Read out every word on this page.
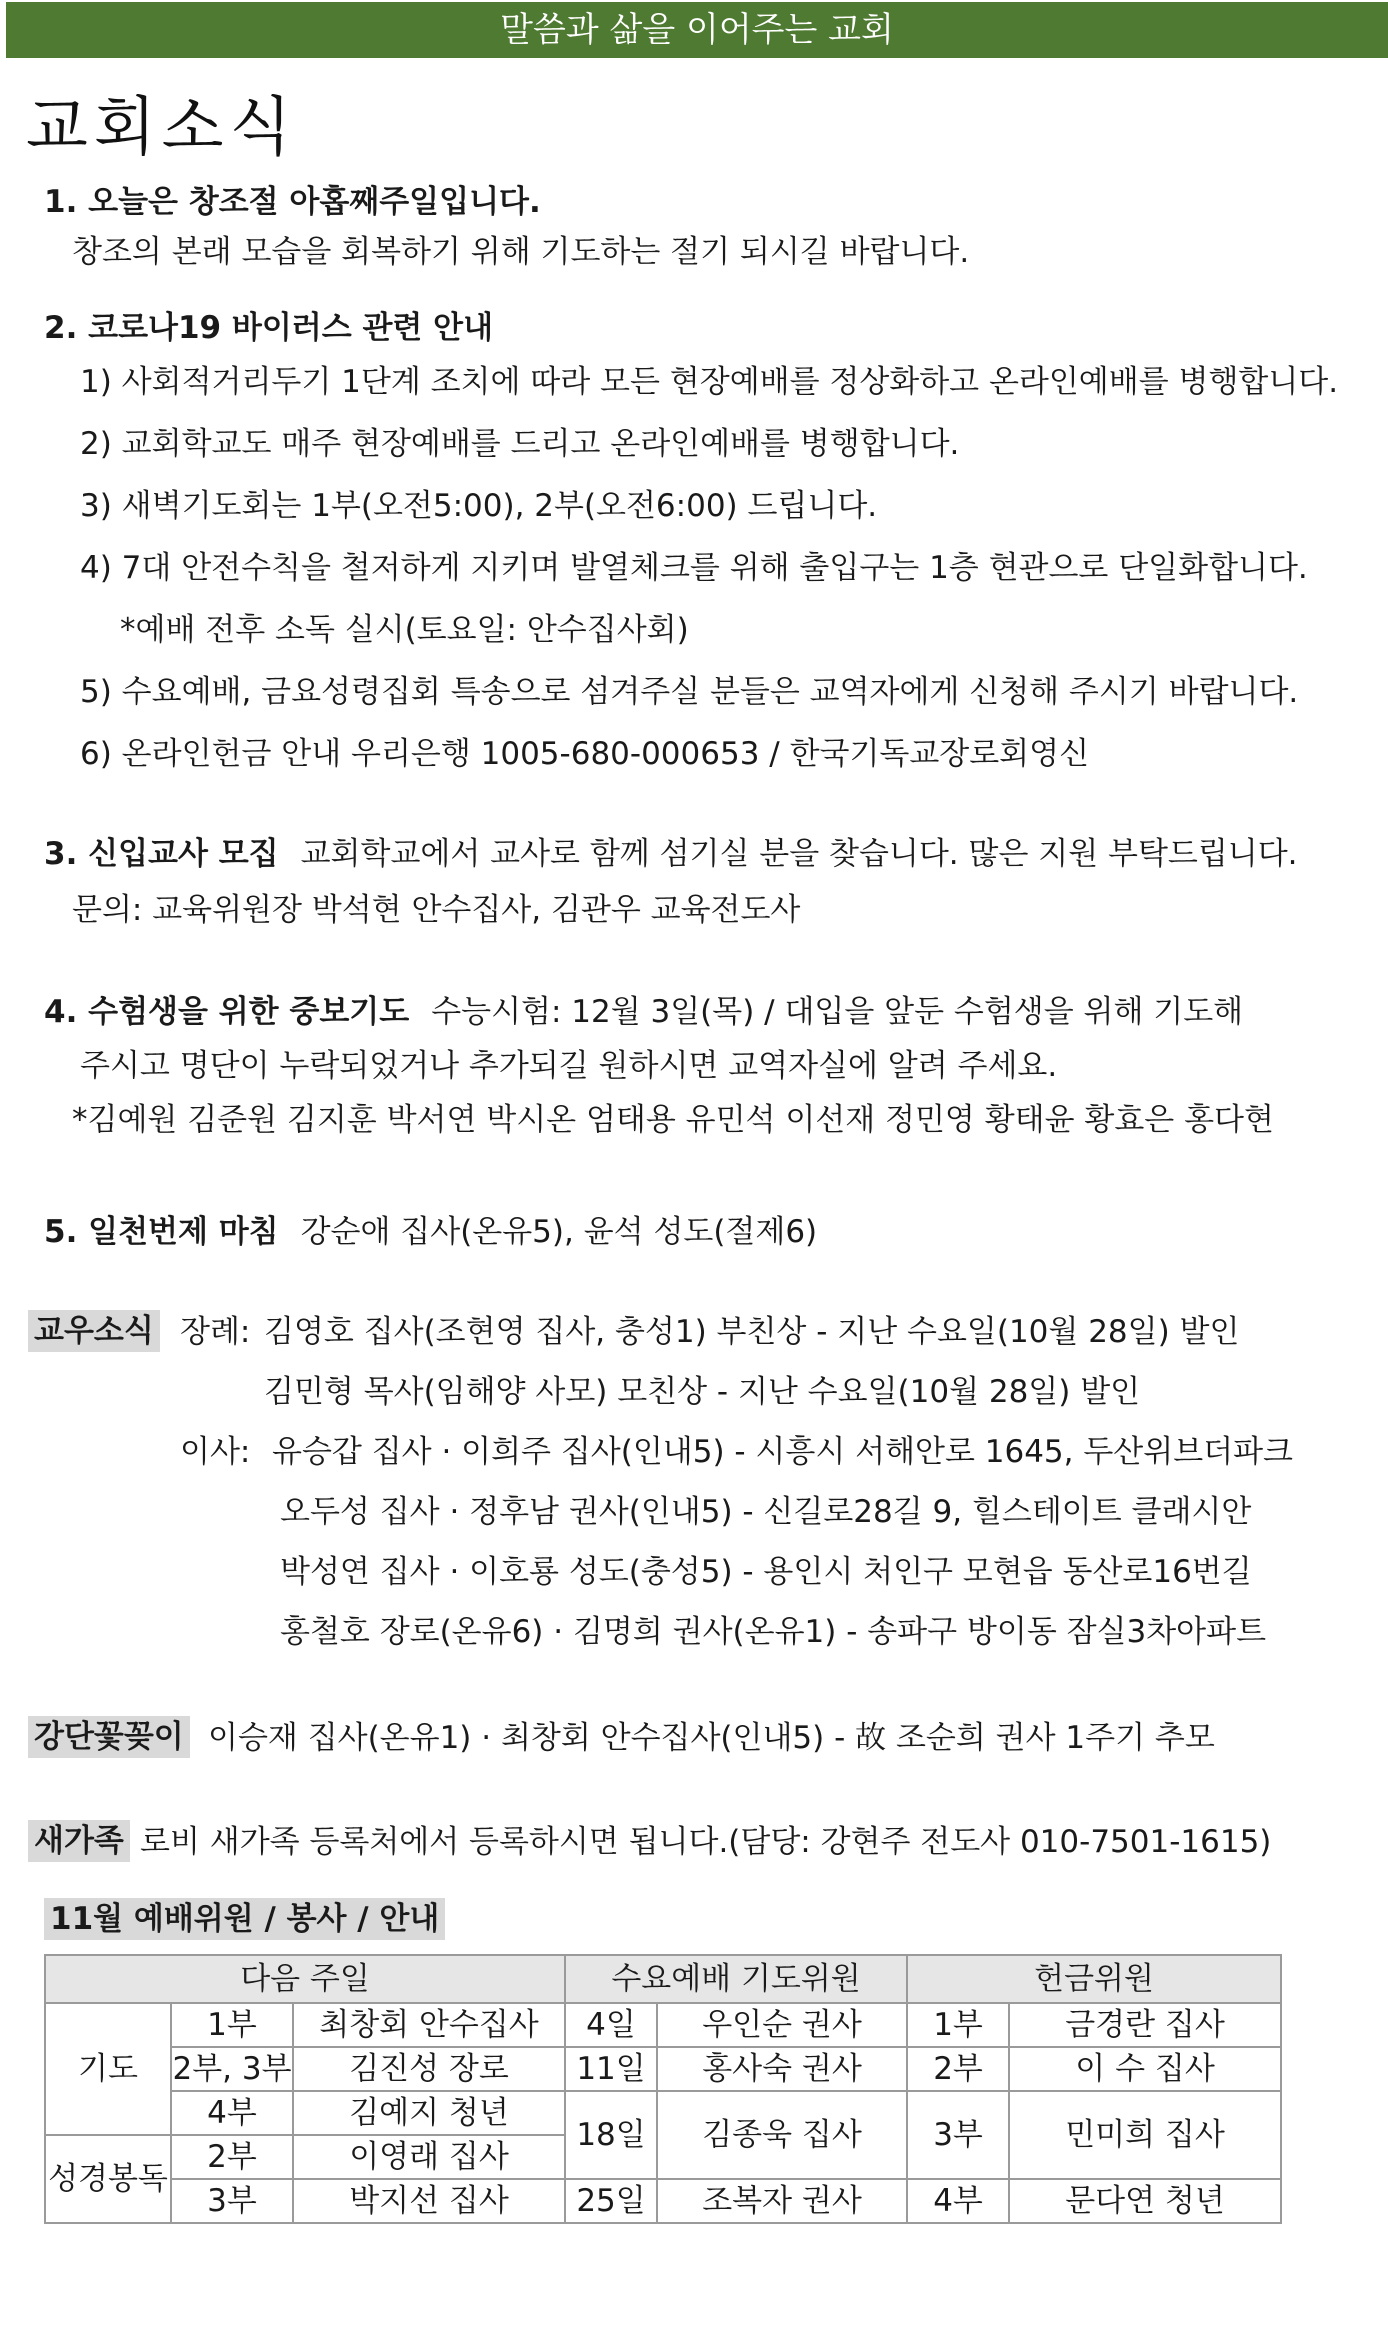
말씀과 삶을 이어주는 교회
교회소식
1. 오늘은 창조절 아홉째주일입니다.
창조의 본래 모습을 회복하기 위해 기도하는 절기 되시길 바랍니다.
2. 코로나19 바이러스 관련 안내
1) 사회적거리두기 1단계 조치에 따라 모든 현장예배를 정상화하고 온라인예배를 병행합니다.
2) 교회학교도 매주 현장예배를 드리고 온라인예배를 병행합니다.
3) 새벽기도회는 1부(오전5:00), 2부(오전6:00) 드립니다.
4) 7대 안전수칙을 철저하게 지키며 발열체크를 위해 출입구는 1층 현관으로 단일화합니다.
*예배 전후 소독 실시(토요일: 안수집사회)
5) 수요예배, 금요성령집회 특송으로 섬겨주실 분들은 교역자에게 신청해 주시기 바랍니다.
6) 온라인헌금 안내 우리은행 1005-680-000653 / 한국기독교장로회영신
3. 신입교사 모집 교회학교에서 교사로 함께 섬기실 분을 찾습니다. 많은 지원 부탁드립니다.
문의: 교육위원장 박석현 안수집사, 김관우 교육전도사
4. 수험생을 위한 중보기도 수능시험: 12월 3일(목) / 대입을 앞둔 수험생을 위해 기도해
주시고 명단이 누락되었거나 추가되길 원하시면 교역자실에 알려 주세요.
*김예원 김준원 김지훈 박서연 박시온 엄태용 유민석 이선재 정민영 황태윤 황효은 홍다현
5. 일천번제 마침 강순애 집사(온유5), 윤석 성도(절제6)
교우소식 장례: 김영호 집사(조현영 집사, 충성1) 부친상 - 지난 수요일(10월 28일) 발인
김민형 목사(임해양 사모) 모친상 - 지난 수요일(10월 28일) 발인
이사: 유승갑 집사 · 이희주 집사(인내5) - 시흥시 서해안로 1645, 두산위브더파크
오두성 집사 · 정후남 권사(인내5) - 신길로28길 9, 힐스테이트 클래시안
박성연 집사 · 이호룡 성도(충성5) - 용인시 처인구 모현읍 동산로16번길
홍철호 장로(온유6) · 김명희 권사(온유1) - 송파구 방이동 잠실3차아파트
강단꽃꽂이 이승재 집사(온유1) · 최창회 안수집사(인내5) - 故 조순희 권사 1주기 추모
새가족 로비 새가족 등록처에서 등록하시면 됩니다.(담당: 강현주 전도사 010-7501-1615)
11월 예배위원 / 봉사 / 안내
다음 주일			수요예배 기도위원		헌금위원	
기도	1부	최창회 안수집사	4일	우인순 권사	1부	금경란 집사
	2부, 3부	김진성 장로	11일	홍사숙 권사	2부	이 수 집사
	4부	김예지 청년	18일	김종욱 집사	3부	민미희 집사
성경봉독	2부	이영래 집사				
	3부	박지선 집사	25일	조복자 권사	4부	문다연 청년
